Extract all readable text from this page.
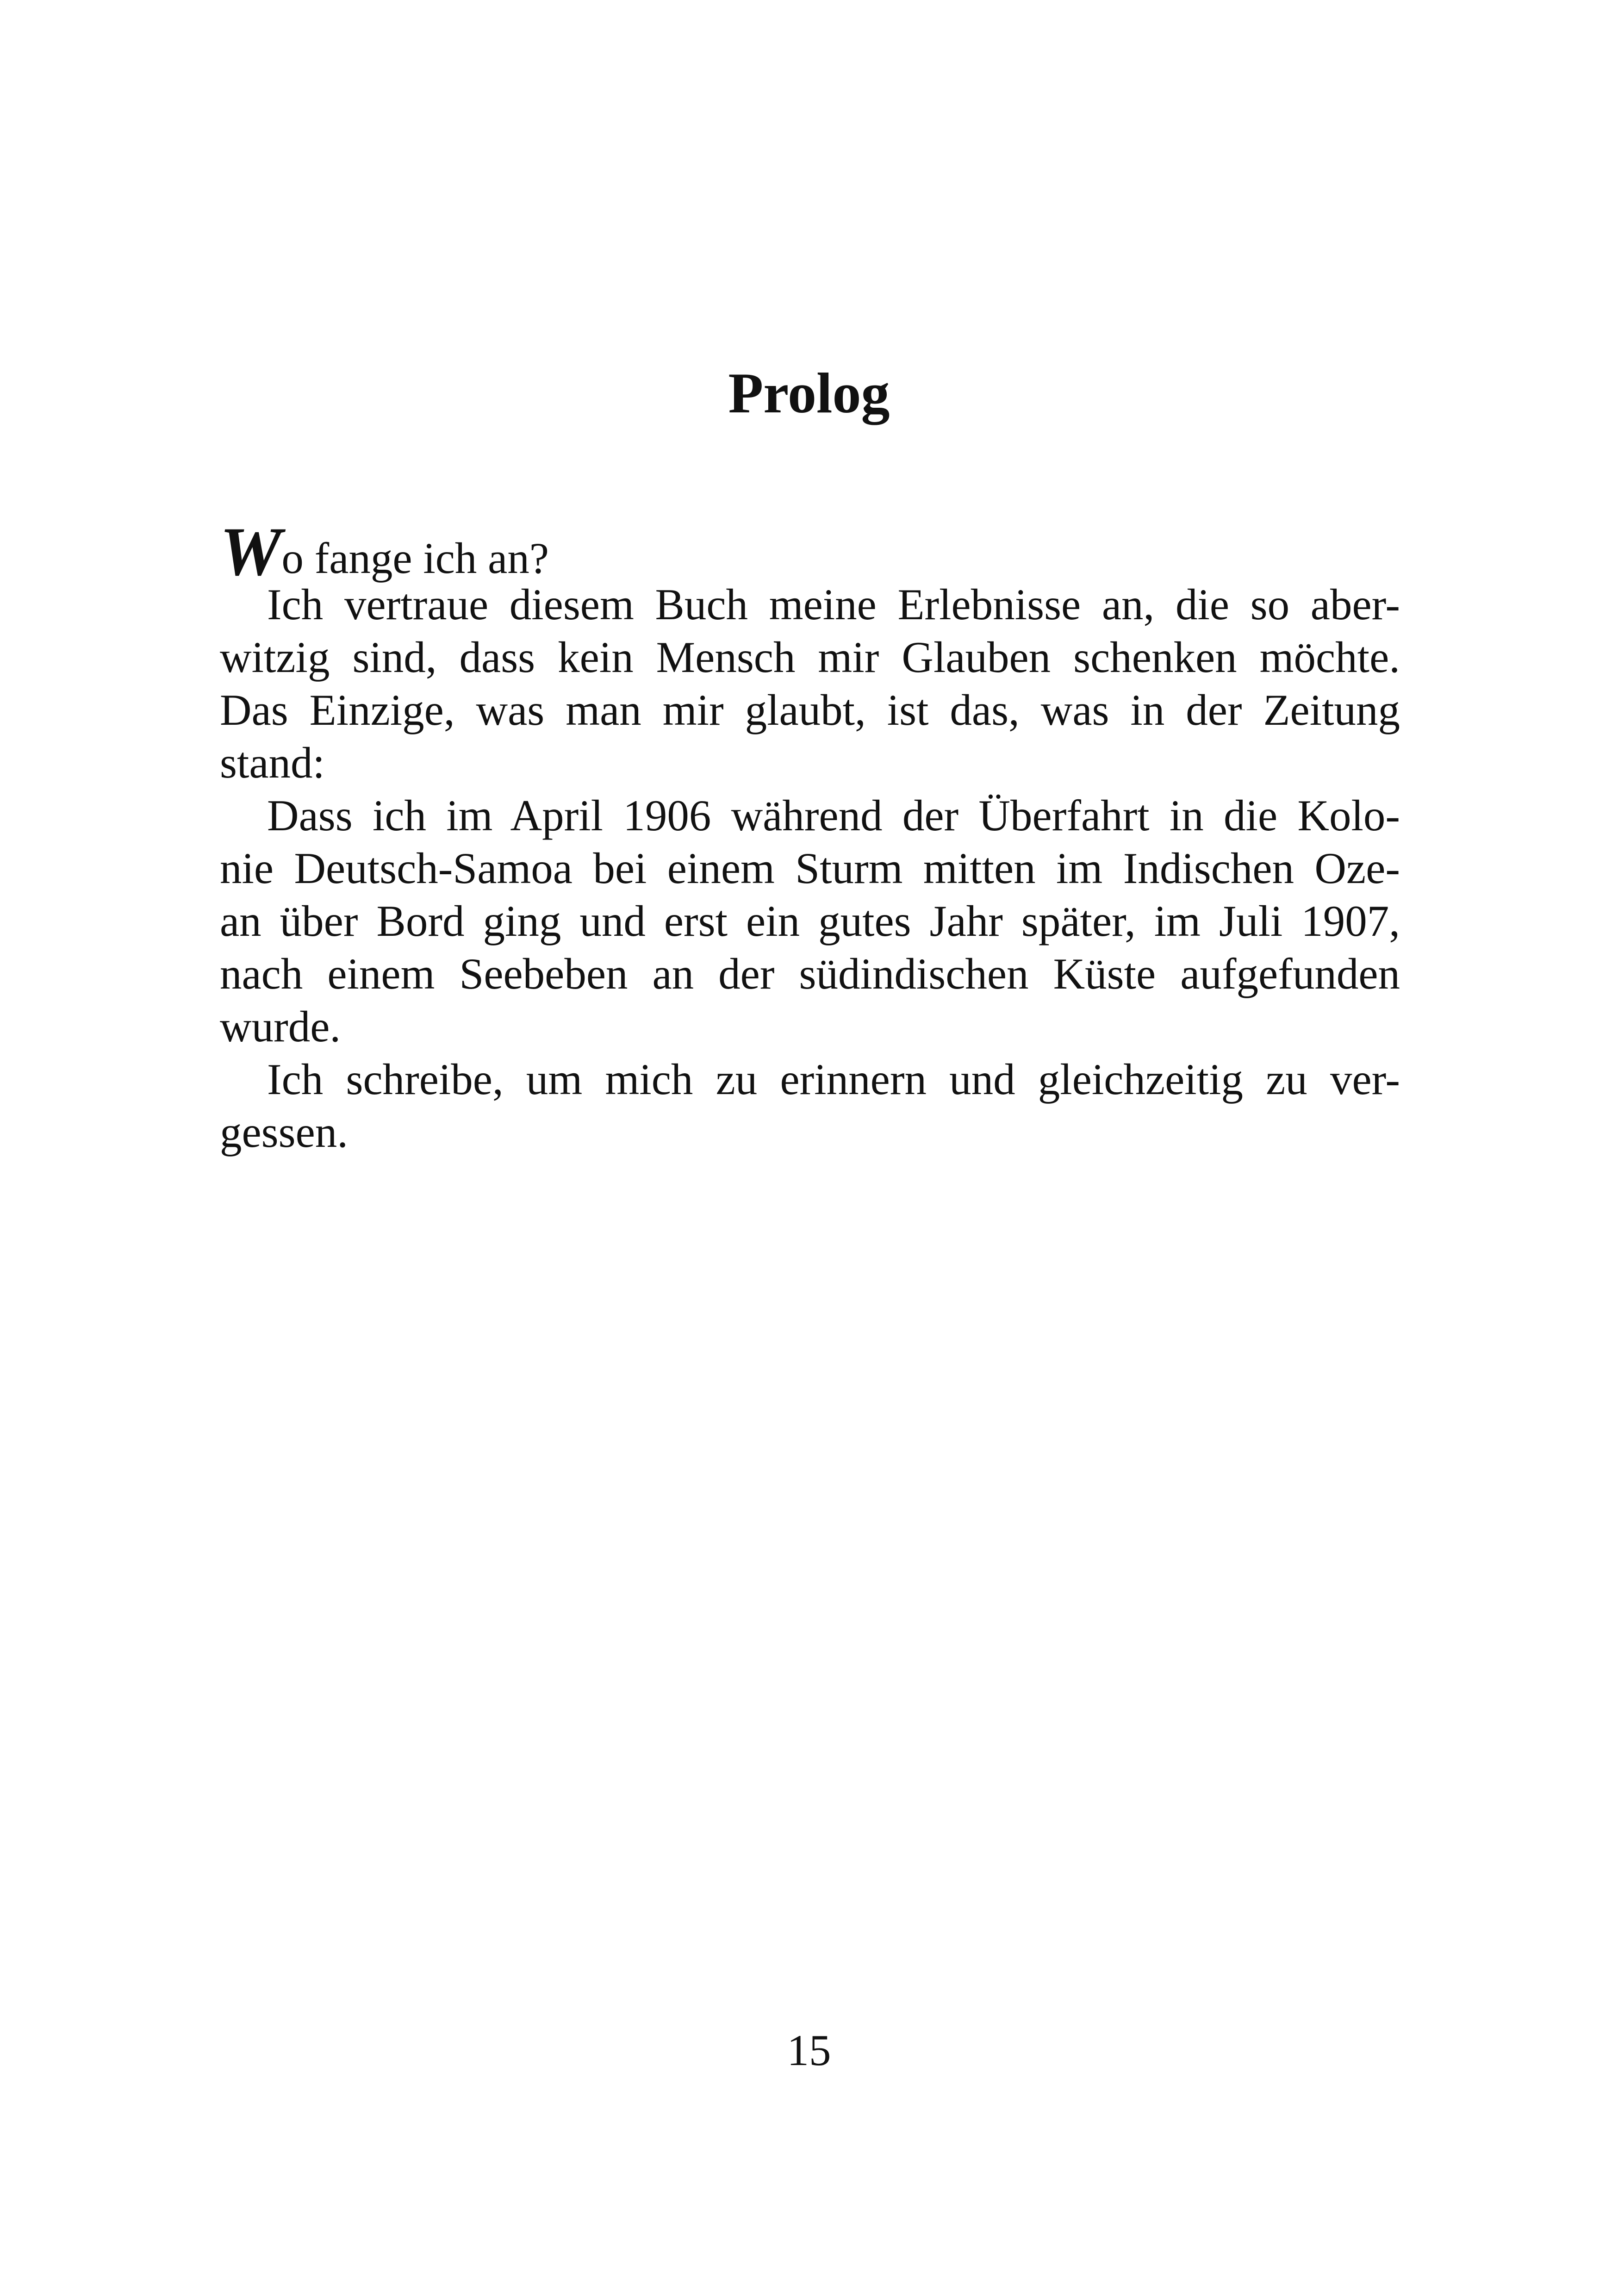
Prolog
Wo fange ich an?
Ich vertraue diesem Buch meine Erlebnisse an, die so aber-
witzig sind, dass kein Mensch mir Glauben schenken möchte.
Das Einzige, was man mir glaubt, ist das, was in der Zeitung
stand:
Dass ich im April 1906 während der Überfahrt in die Kolo-
nie Deutsch-Samoa bei einem Sturm mitten im Indischen Oze-
an über Bord ging und erst ein gutes Jahr später, im Juli 1907,
nach einem Seebeben an der südindischen Küste aufgefunden
wurde.
Ich schreibe, um mich zu erinnern und gleichzeitig zu ver-
gessen.
15
